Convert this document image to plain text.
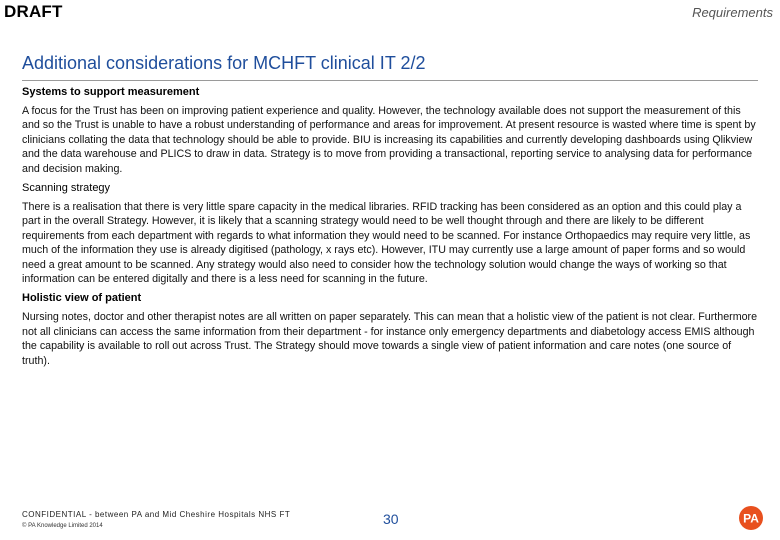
DRAFT	Requirements
Additional considerations for MCHFT clinical IT 2/2
Systems to support measurement
A focus for the Trust has been on improving patient experience and quality. However, the technology available does not support the measurement of this and so the Trust is unable to have a robust understanding of performance and areas for improvement. At present resource is wasted where time is spent by clinicians collating the data that technology should be able to provide. BIU is increasing its capabilities and currently developing dashboards using Qlikview and the data warehouse and PLICS to draw in data. Strategy is to move from providing a transactional, reporting service to analysing data for performance and decision making.
Scanning strategy
There is a realisation that there is very little spare capacity in the medical libraries. RFID tracking has been considered as an option and this could play a part in the overall Strategy. However, it is likely that a scanning strategy would need to be well thought through and there are likely to be different requirements from each department with regards to what information they would need to be scanned. For instance Orthopaedics may require very little, as much of the information they use is already digitised (pathology, x rays etc). However, ITU may currently use a large amount of paper forms and so would need a great amount to be scanned. Any strategy would also need to consider how the technology solution would change the ways of working so that information can be entered digitally and there is a less need for scanning in the future.
Holistic view of patient
Nursing notes, doctor and other therapist notes are all written on paper separately. This can mean that a holistic view of the patient is not clear. Furthermore not all clinicians can access the same information from their department - for instance only emergency departments and diabetology access EMIS although the capability is available to roll out across Trust. The Strategy should move towards a single view of patient information and care notes (one source of truth).
CONFIDENTIAL - between PA and Mid Cheshire Hospitals NHS FT
© PA Knowledge Limited 2014	30	PA
